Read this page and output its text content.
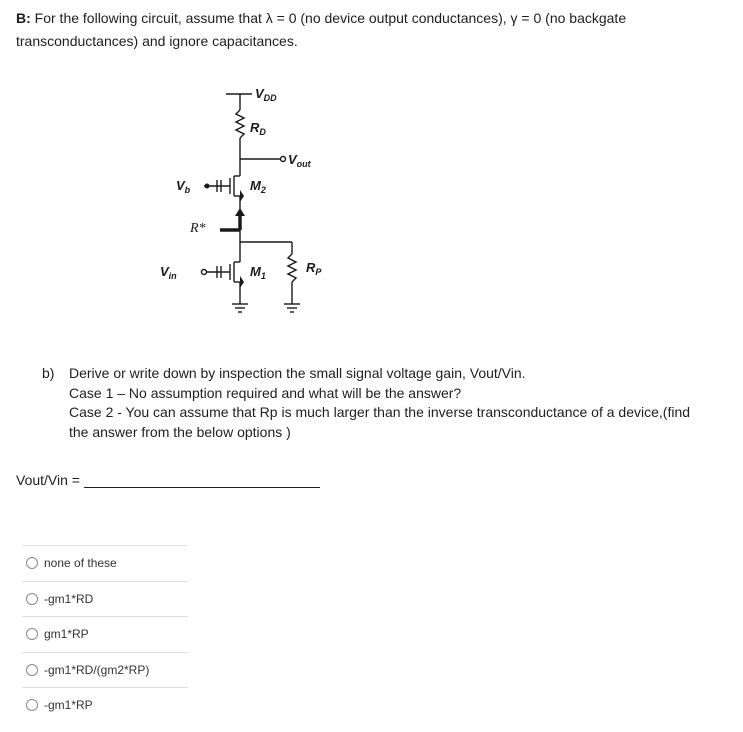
B: For the following circuit, assume that λ = 0 (no device output conductances), γ = 0 (no backgate
transconductances) and ignore capacitances.
$V_{DD}$
$R_D$
$V_{out}$
$V_b$	$M_2$
$V_{in}$	$M_1$
$R_P$
R*
b) Derive or write down by inspection the small signal voltage gain, Vout/Vin.
Case 1 – No assumption required and what will be the answer?
Case 2 - You can assume that Rp is much larger than the inverse transconductance of a device,(find
the answer from the below options )
Vout/Vin =
none of these
-gm1*RD
gm1*RP
-gm1*RD/(gm2*RP)
-gm1*RP
